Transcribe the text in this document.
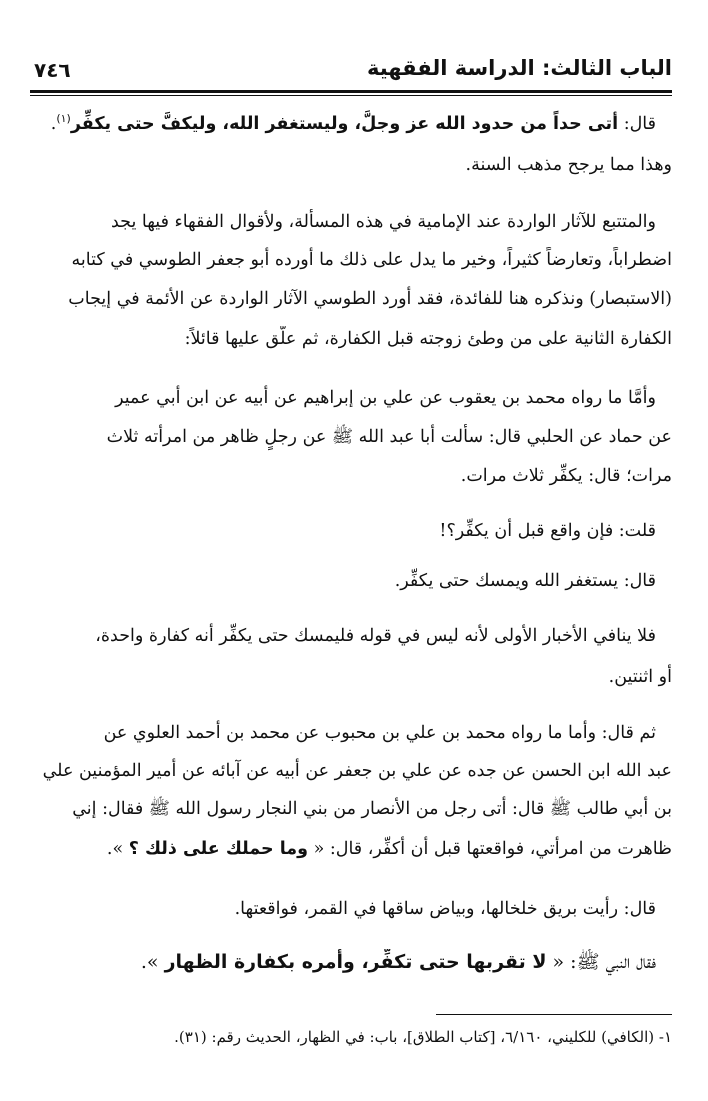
الباب الثالث: الدراسة الفقهية
٧٤٦
قال: أتى حداً من حدود الله عز وجلَّ، وليستغفر الله، وليكفَّ حتى يكفِّر$^{(١)}$.
وهذا مما يرجح مذهب السنة.
والمتتبع للآثار الواردة عند الإمامية في هذه المسألة، ولأقوال الفقهاء فيها يجد
اضطراباً، وتعارضاً كثيراً، وخير ما يدل على ذلك ما أورده أبو جعفر الطوسي في كتابه
(الاستبصار) ونذكره هنا للفائدة، فقد أورد الطوسي الآثار الواردة عن الأئمة في إيجاب
الكفارة الثانية على من وطئ زوجته قبل الكفارة، ثم علَّق عليها قائلاً:
وأمَّا ما رواه محمد بن يعقوب عن علي بن إبراهيم عن أبيه عن ابن أبي عمير
عن حماد عن الحلبي قال: سألت أبا عبد الله ﷺ عن رجلٍ ظاهر من امرأته ثلاث
مرات؛ قال: يكفِّر ثلاث مرات.
قلت: فإن واقع قبل أن يكفِّر؟!
قال: يستغفر الله ويمسك حتى يكفِّر.
فلا ينافي الأخبار الأولى لأنه ليس في قوله فليمسك حتى يكفِّر أنه كفارة واحدة،
أو اثنتين.
ثم قال: وأما ما رواه محمد بن علي بن محبوب عن محمد بن أحمد العلوي عن
عبد الله ابن الحسن عن جده عن علي بن جعفر عن أبيه عن آبائه عن أمير المؤمنين علي
بن أبي طالب ﷺ قال: أتى رجل من الأنصار من بني النجار رسول الله ﷺ فقال: إني
ظاهرت من امرأتي، فواقعتها قبل أن أكفِّر، قال: « وما حملك على ذلك ؟ ».
قال: رأيت بريق خلخالها، وبياض ساقها في القمر، فواقعتها.
فقال النبي ﷺ: « لا تقربها حتى تكفِّر، وأمره بكفارة الظهار ».
١- (الكافي) للكليني، ٦/١٦٠، [كتاب الطلاق]، باب: في الظهار، الحديث رقم: (٣١).
